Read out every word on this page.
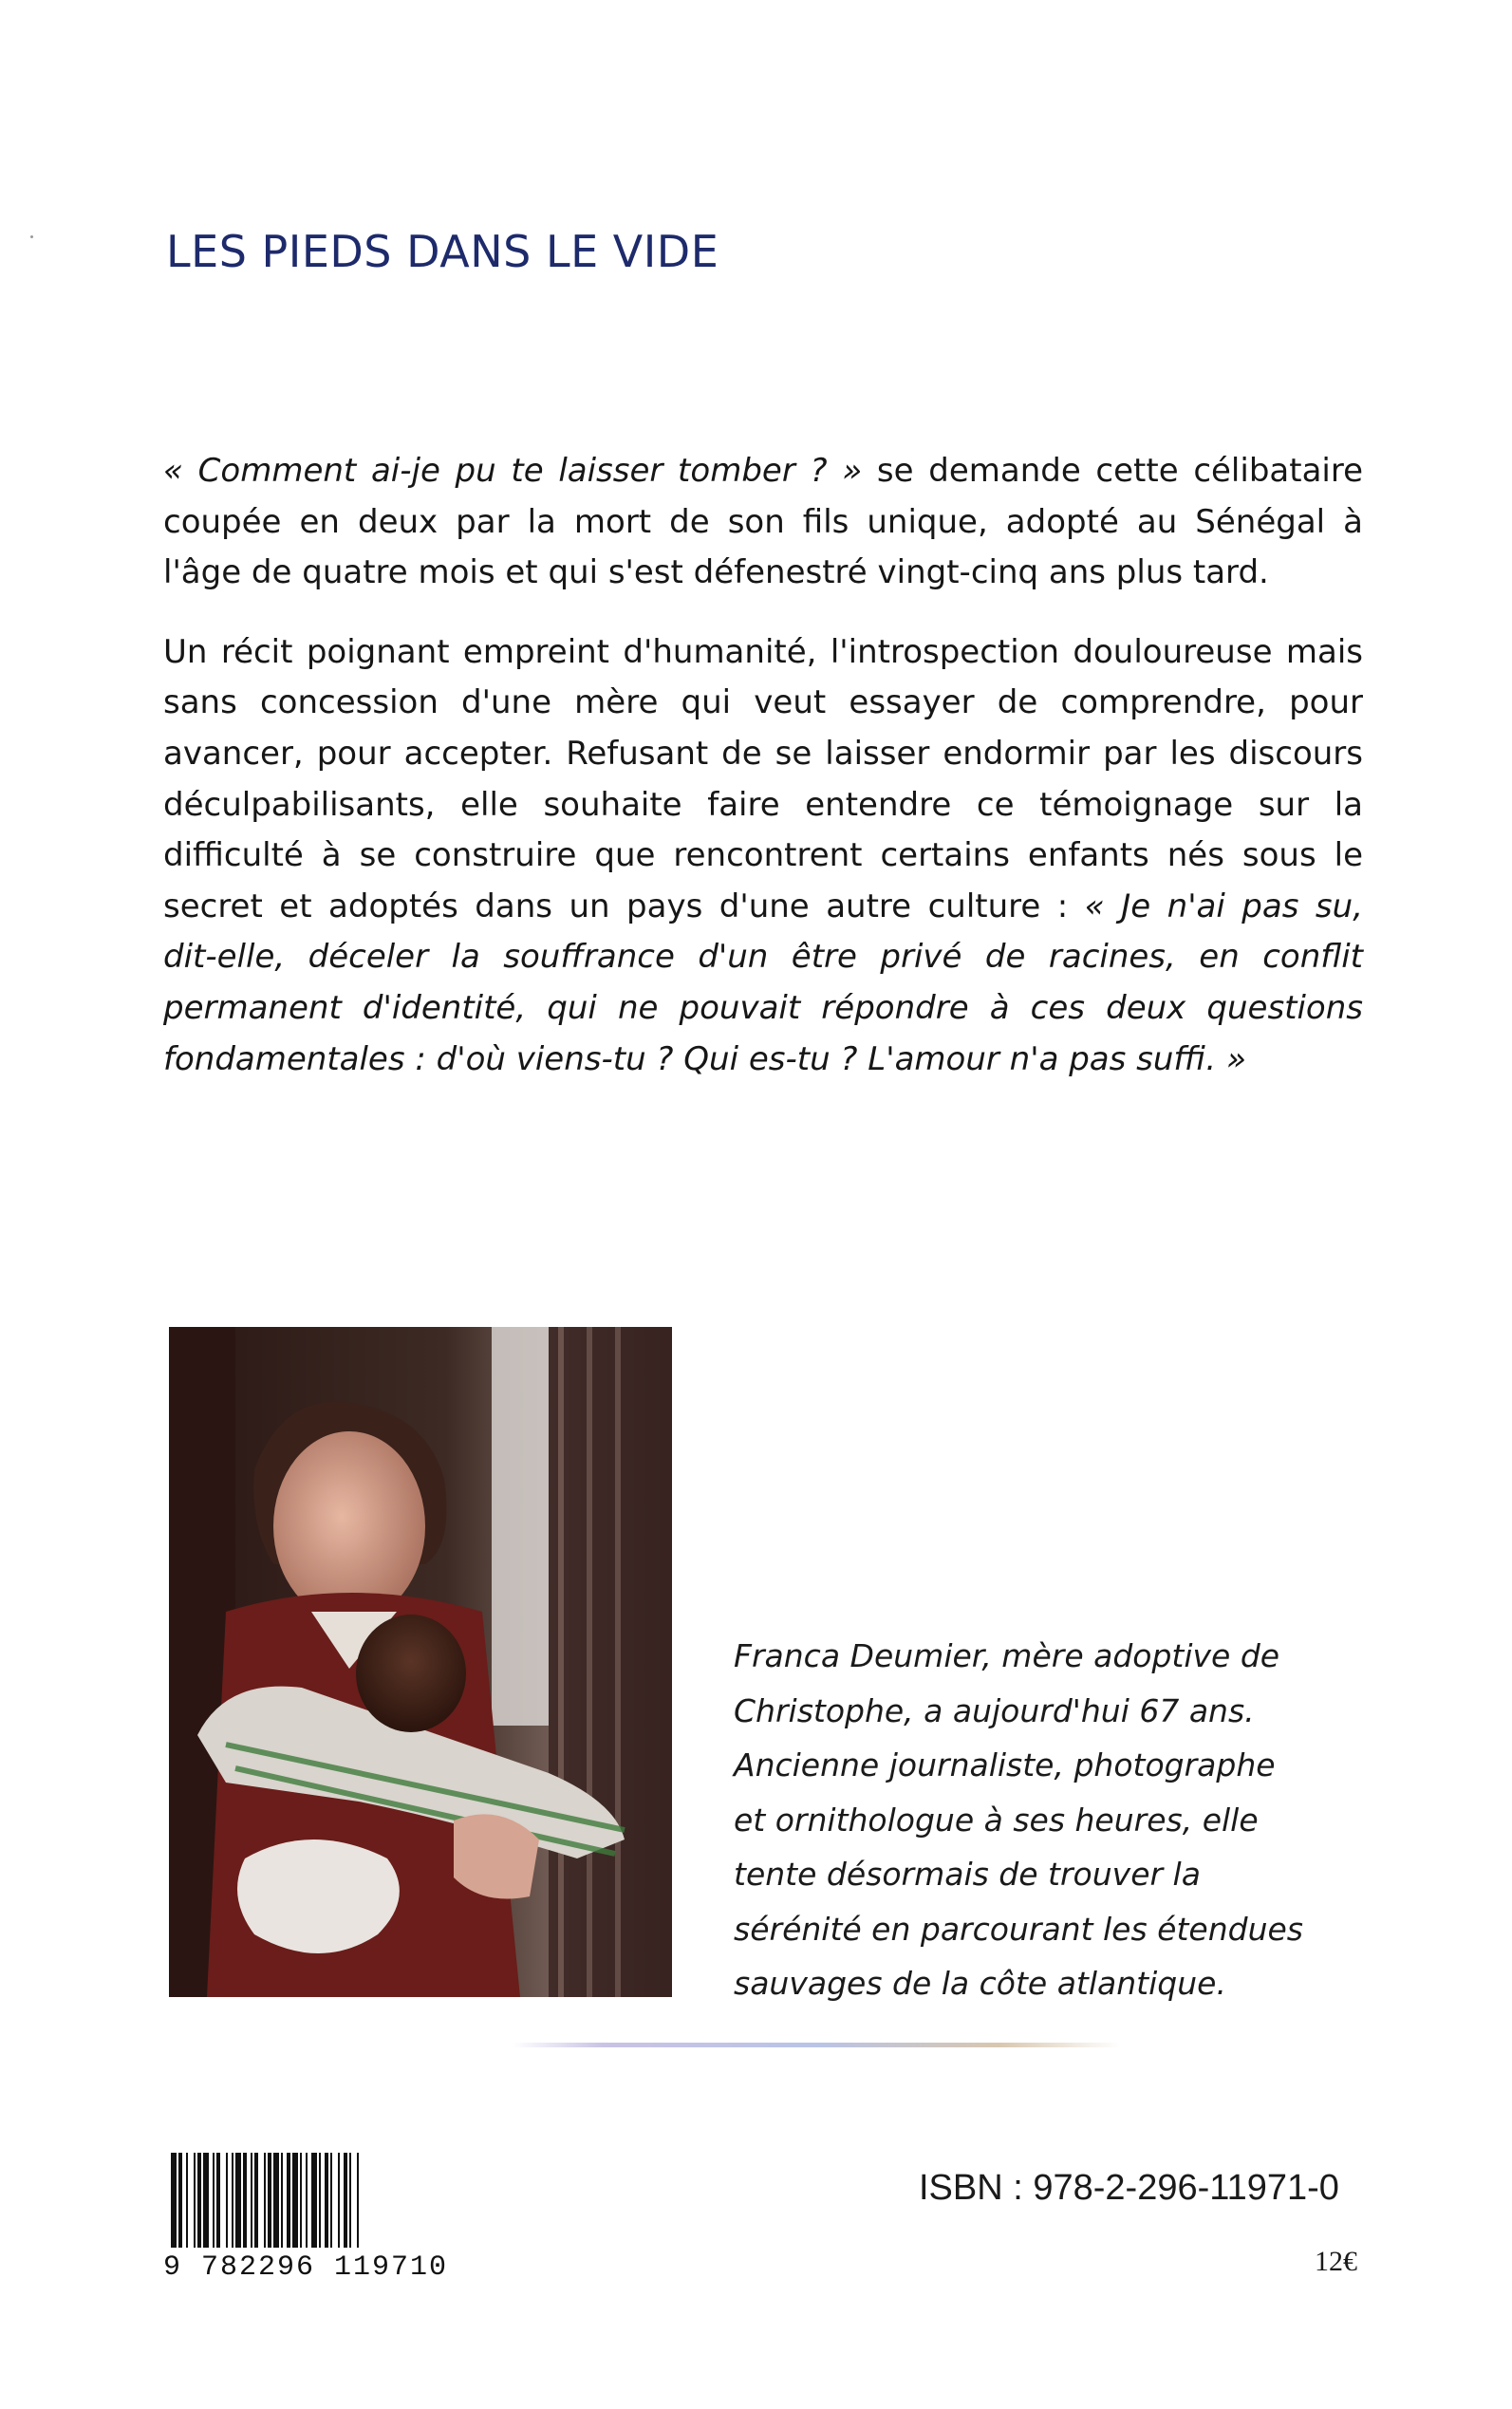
LES PIEDS DANS LE VIDE

« Comment ai-je pu te laisser tomber ? » se demande cette célibataire
coupée en deux par la mort de son fils unique, adopté au Sénégal à
l'âge de quatre mois et qui s'est défenestré vingt-cinq ans plus tard.

Un récit poignant empreint d'humanité, l'introspection douloureuse mais
sans concession d'une mère qui veut essayer de comprendre, pour
avancer, pour accepter. Refusant de se laisser endormir par les discours
déculpabilisants, elle souhaite faire entendre ce témoignage sur la
difficulté à se construire que rencontrent certains enfants nés sous le
secret et adoptés dans un pays d'une autre culture : « Je n'ai pas su,
dit-elle, déceler la souffrance d'un être privé de racines, en conflit
permanent d'identité, qui ne pouvait répondre à ces deux questions
fondamentales : d'où viens-tu ? Qui es-tu ? L'amour n'a pas suffi. »

Franca Deumier, mère adoptive de
Christophe, a aujourd'hui 67 ans.
Ancienne journaliste, photographe
et ornithologue à ses heures, elle
tente désormais de trouver la
sérénité en parcourant les étendues
sauvages de la côte atlantique.
9 782296 119710
ISBN : 978-2-296-11971-0
12€
